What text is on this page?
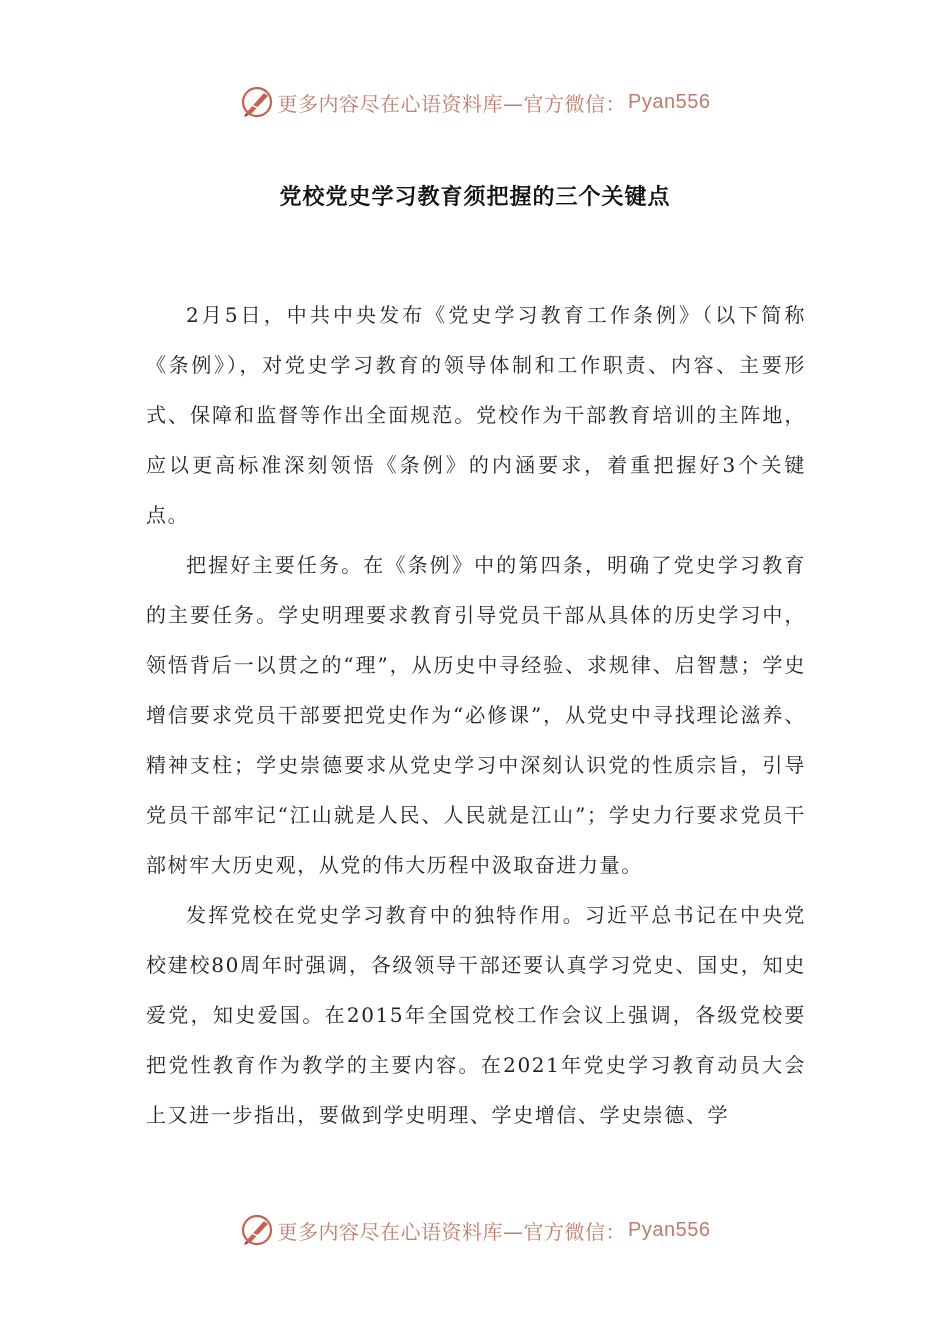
更多内容尽在心语资料库—官方微信： Pyan556
党校党史学习教育须把握的三个关键点

2月5日，中共中央发布《党史学习教育工作条例》（以下简称《条例》），对党史学习教育的领导体制和工作职责、内容、主要形式、保障和监督等作出全面规范。党校作为干部教育培训的主阵地，应以更高标准深刻领悟《条例》的内涵要求，着重把握好3个关键点。

把握好主要任务。在《条例》中的第四条，明确了党史学习教育的主要任务。学史明理要求教育引导党员干部从具体的历史学习中，领悟背后一以贯之的“理”，从历史中寻经验、求规律、启智慧；学史增信要求党员干部要把党史作为“必修课”，从党史中寻找理论滋养、精神支柱；学史崇德要求从党史学习中深刻认识党的性质宗旨，引导党员干部牢记“江山就是人民、人民就是江山”；学史力行要求党员干部树牢大历史观，从党的伟大历程中汲取奋进力量。

发挥党校在党史学习教育中的独特作用。习近平总书记在中央党校建校80周年时强调，各级领导干部还要认真学习党史、国史，知史爱党，知史爱国。在2015年全国党校工作会议上强调，各级党校要把党性教育作为教学的主要内容。在2021年党史学习教育动员大会上又进一步指出，要做到学史明理、学史增信、学史崇德、学

更多内容尽在心语资料库—官方微信： Pyan556
